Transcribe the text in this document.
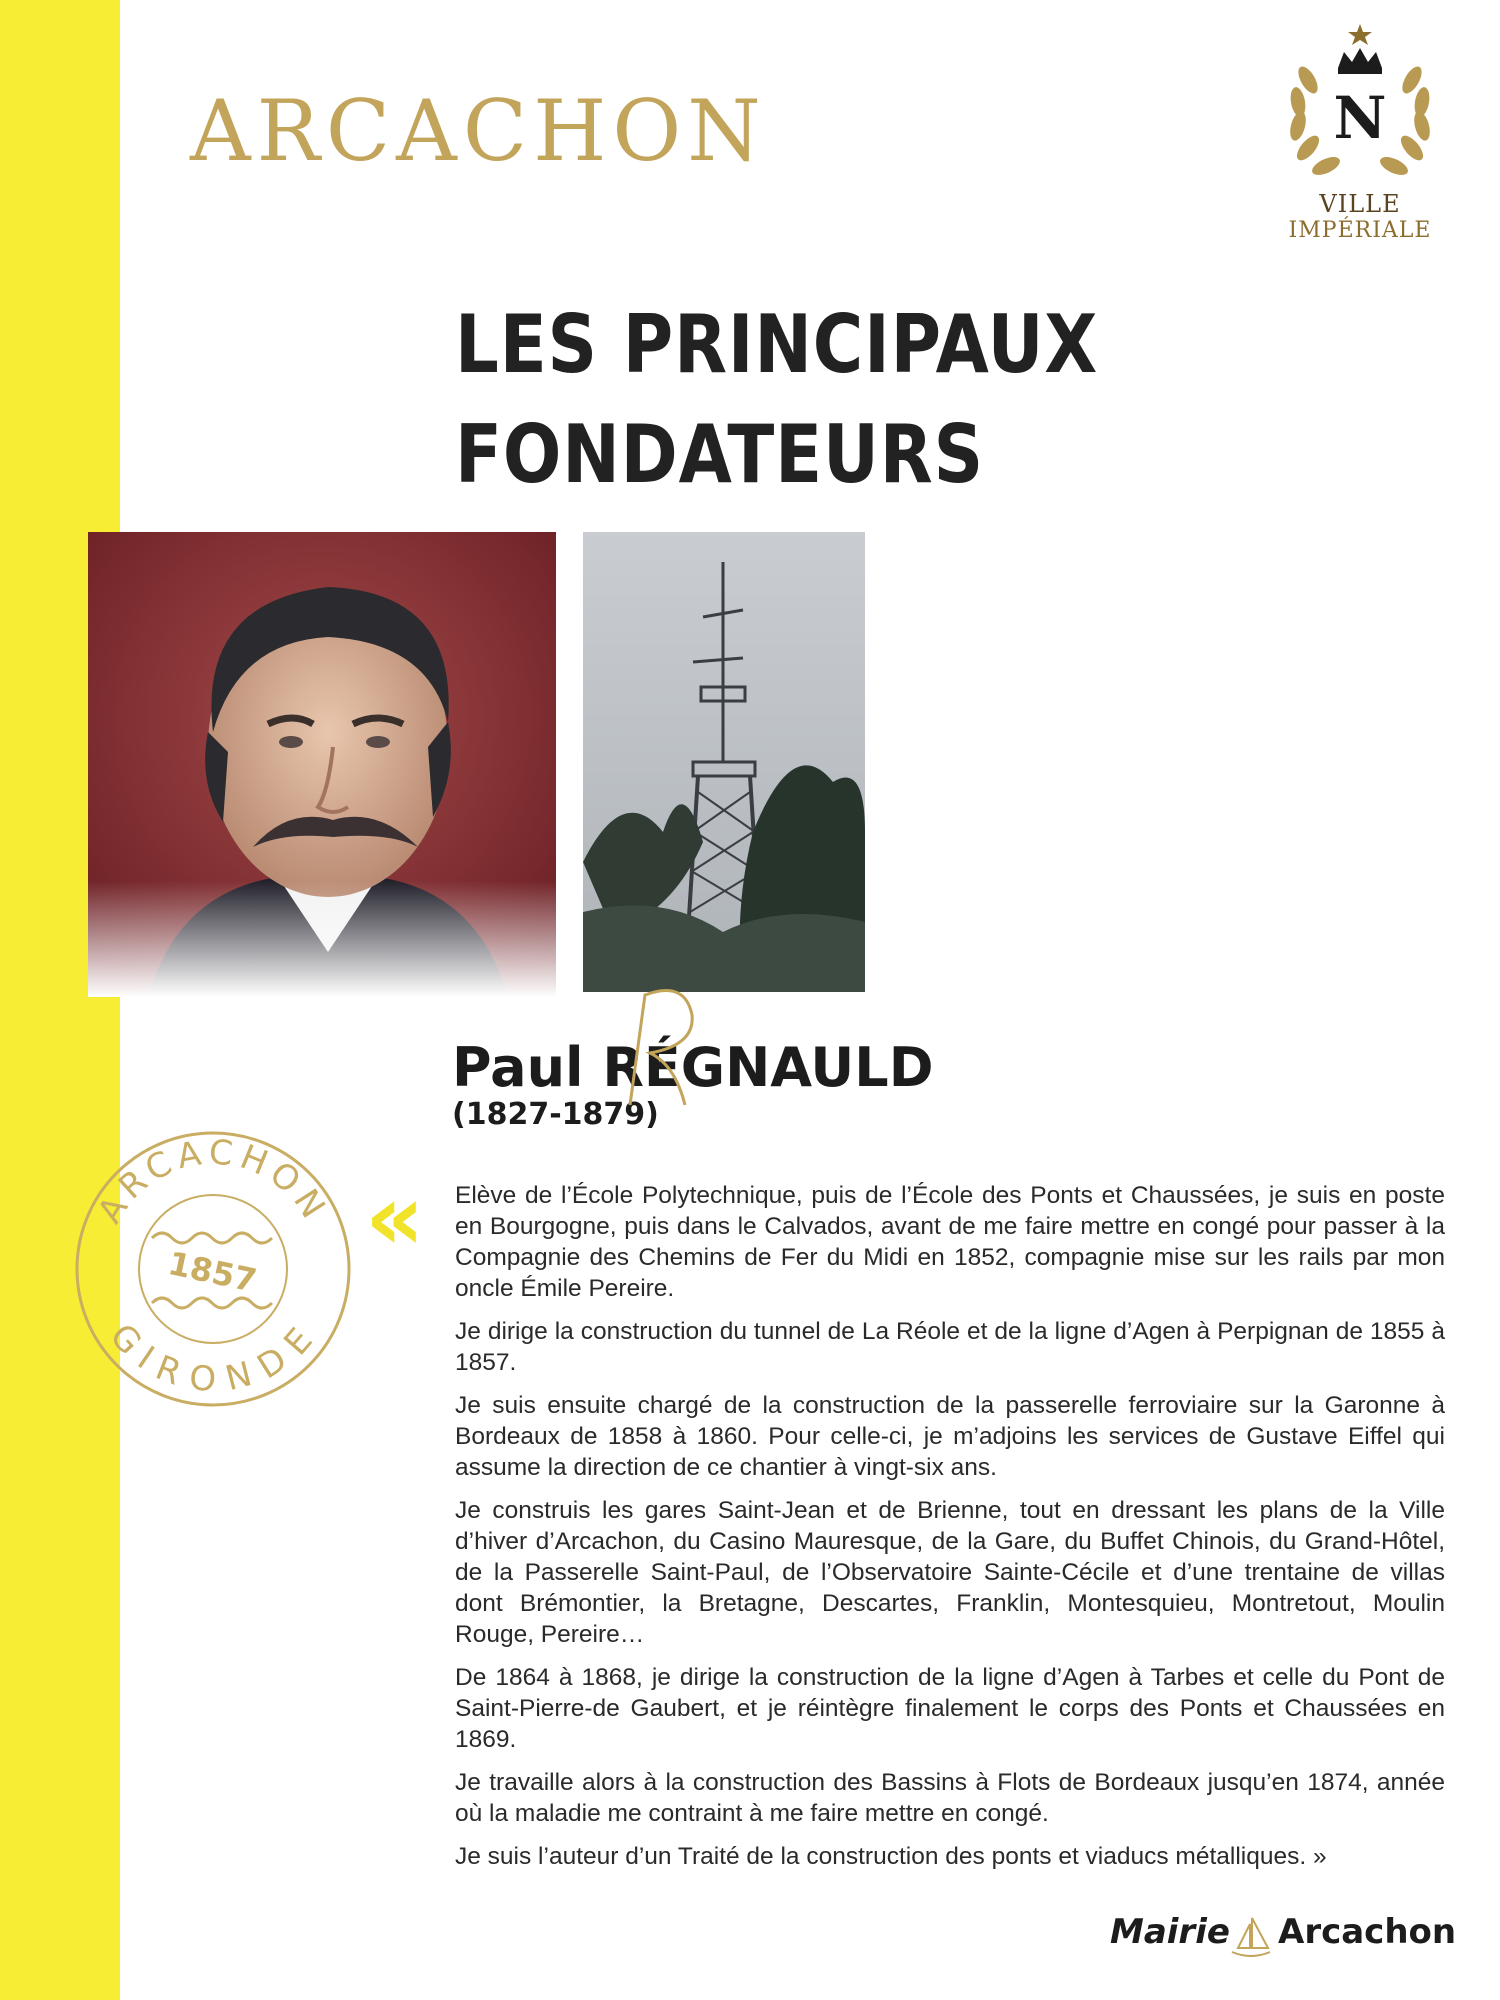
ARCACHON	N
VILLE
IMPÉRIALE
LES PRINCIPAUX
FONDATEURS
Paul RÉGNAULD
(1827-1879)
ARCACHON
GIRONDE
1857
« Elève de l’École Polytechnique, puis de l’École des Ponts et Chaussées, je suis en poste en Bourgogne, puis dans le Calvados, avant de me faire mettre en congé pour passer à la Compagnie des Chemins de Fer du Midi en 1852, compagnie mise sur les rails par mon oncle Émile Pereire.

Je dirige la construction du tunnel de La Réole et de la ligne d’Agen à Perpignan de 1855 à 1857.

Je suis ensuite chargé de la construction de la passerelle ferroviaire sur la Garonne à Bordeaux de 1858 à 1860. Pour celle-ci, je m’adjoins les services de Gustave Eiffel qui assume la direction de ce chantier à vingt-six ans.

Je construis les gares Saint-Jean et de Brienne, tout en dressant les plans de la Ville d’hiver d’Arcachon, du Casino Mauresque, de la Gare, du Buffet Chinois, du Grand-Hôtel, de la Passerelle Saint-Paul, de l’Observatoire Sainte-Cécile et d’une trentaine de villas dont Brémontier, la Bretagne, Descartes, Franklin, Montesquieu, Montretout, Moulin Rouge, Pereire…

De 1864 à 1868, je dirige la construction de la ligne d’Agen à Tarbes et celle du Pont de Saint-Pierre-de Gaubert, et je réintègre finalement le corps des Ponts et Chaussées en 1869.

Je travaille alors à la construction des Bassins à Flots de Bordeaux jusqu’en 1874, année où la maladie me contraint à me faire mettre en congé.

Je suis l’auteur d’un Traité de la construction des ponts et viaducs métalliques. »

Mairie Arcachon
